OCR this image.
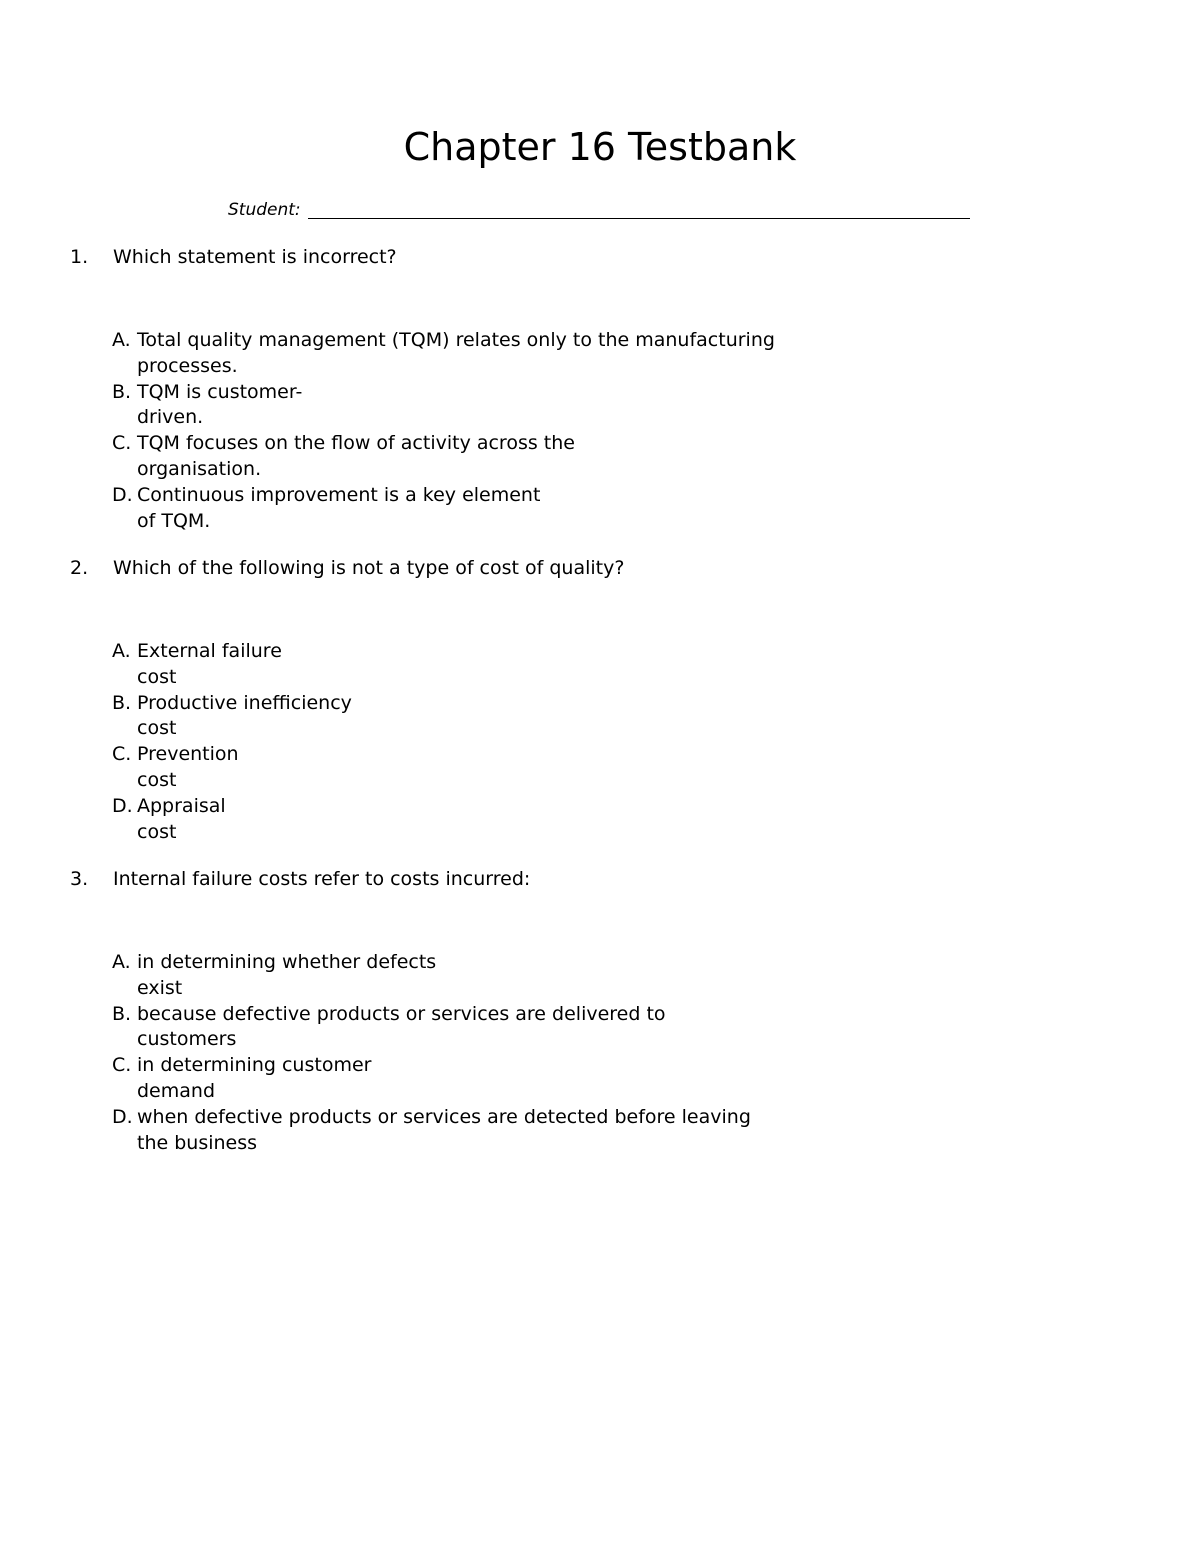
Chapter 16 Testbank
Student:
1. Which statement is incorrect?
A. Total quality management (TQM) relates only to the manufacturing processes.
B. TQM is customer-driven.
C. TQM focuses on the flow of activity across the organisation.
D. Continuous improvement is a key element of TQM.
2. Which of the following is not a type of cost of quality?
A. External failure cost
B. Productive inefficiency cost
C. Prevention cost
D. Appraisal cost
3. Internal failure costs refer to costs incurred:
A. in determining whether defects exist
B. because defective products or services are delivered to customers
C. in determining customer demand
D. when defective products or services are detected before leaving the business
